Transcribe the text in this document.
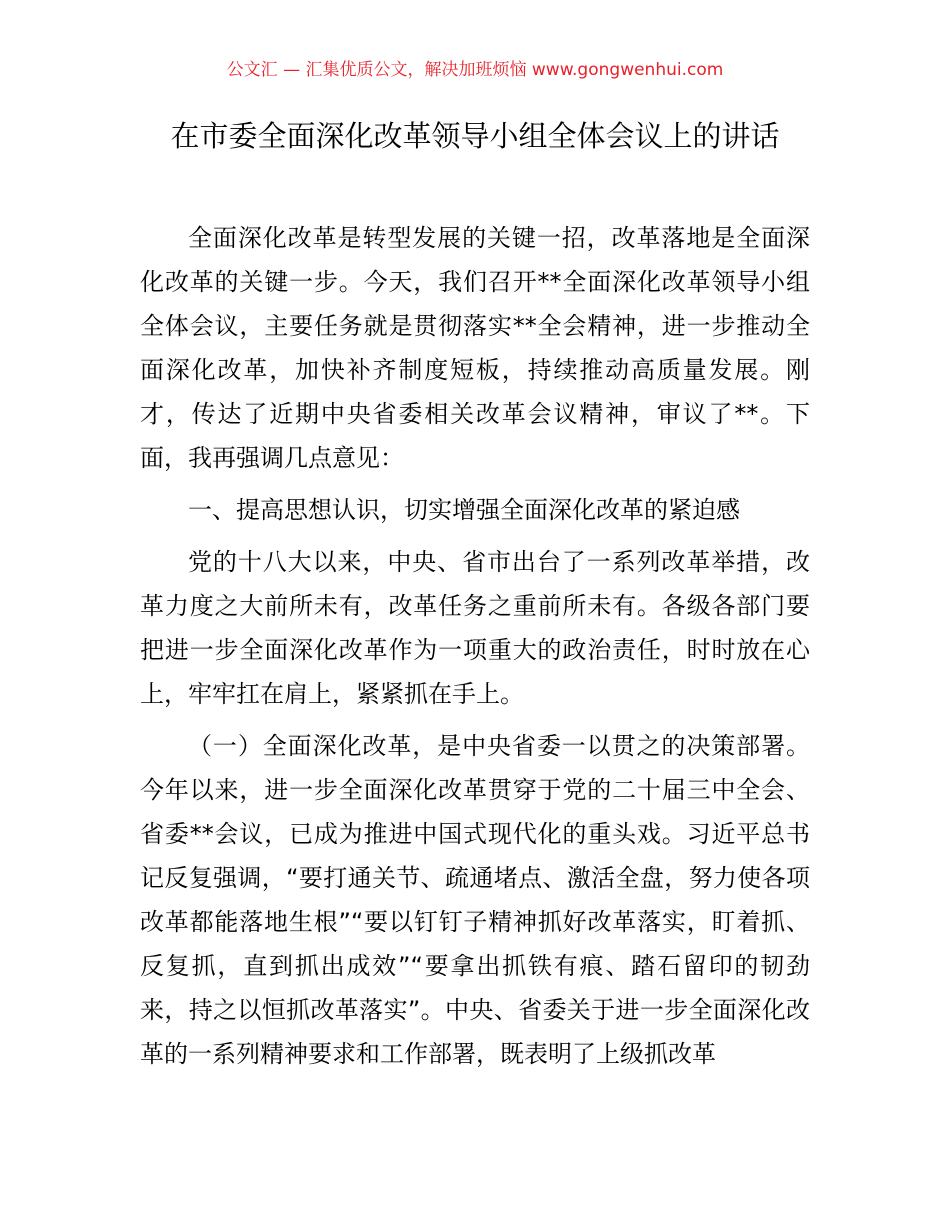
公文汇 — 汇集优质公文，解决加班烦恼 www.gongwenhui.com
在市委全面深化改革领导小组全体会议上的讲话

全面深化改革是转型发展的关键一招，改革落地是全面深化改革的关键一步。今天，我们召开**全面深化改革领导小组全体会议，主要任务就是贯彻落实**全会精神，进一步推动全面深化改革，加快补齐制度短板，持续推动高质量发展。刚才，传达了近期中央省委相关改革会议精神，审议了**。下面，我再强调几点意见：

一、提高思想认识，切实增强全面深化改革的紧迫感

党的十八大以来，中央、省市出台了一系列改革举措，改革力度之大前所未有，改革任务之重前所未有。各级各部门要把进一步全面深化改革作为一项重大的政治责任，时时放在心上，牢牢扛在肩上，紧紧抓在手上。

（一）全面深化改革，是中央省委一以贯之的决策部署。今年以来，进一步全面深化改革贯穿于党的二十届三中全会、省委**会议，已成为推进中国式现代化的重头戏。习近平总书记反复强调，“要打通关节、疏通堵点、激活全盘，努力使各项改革都能落地生根”“要以钉钉子精神抓好改革落实，盯着抓、反复抓，直到抓出成效”“要拿出抓铁有痕、踏石留印的韧劲来，持之以恒抓改革落实”。中央、省委关于进一步全面深化改革的一系列精神要求和工作部署，既表明了上级抓改革
